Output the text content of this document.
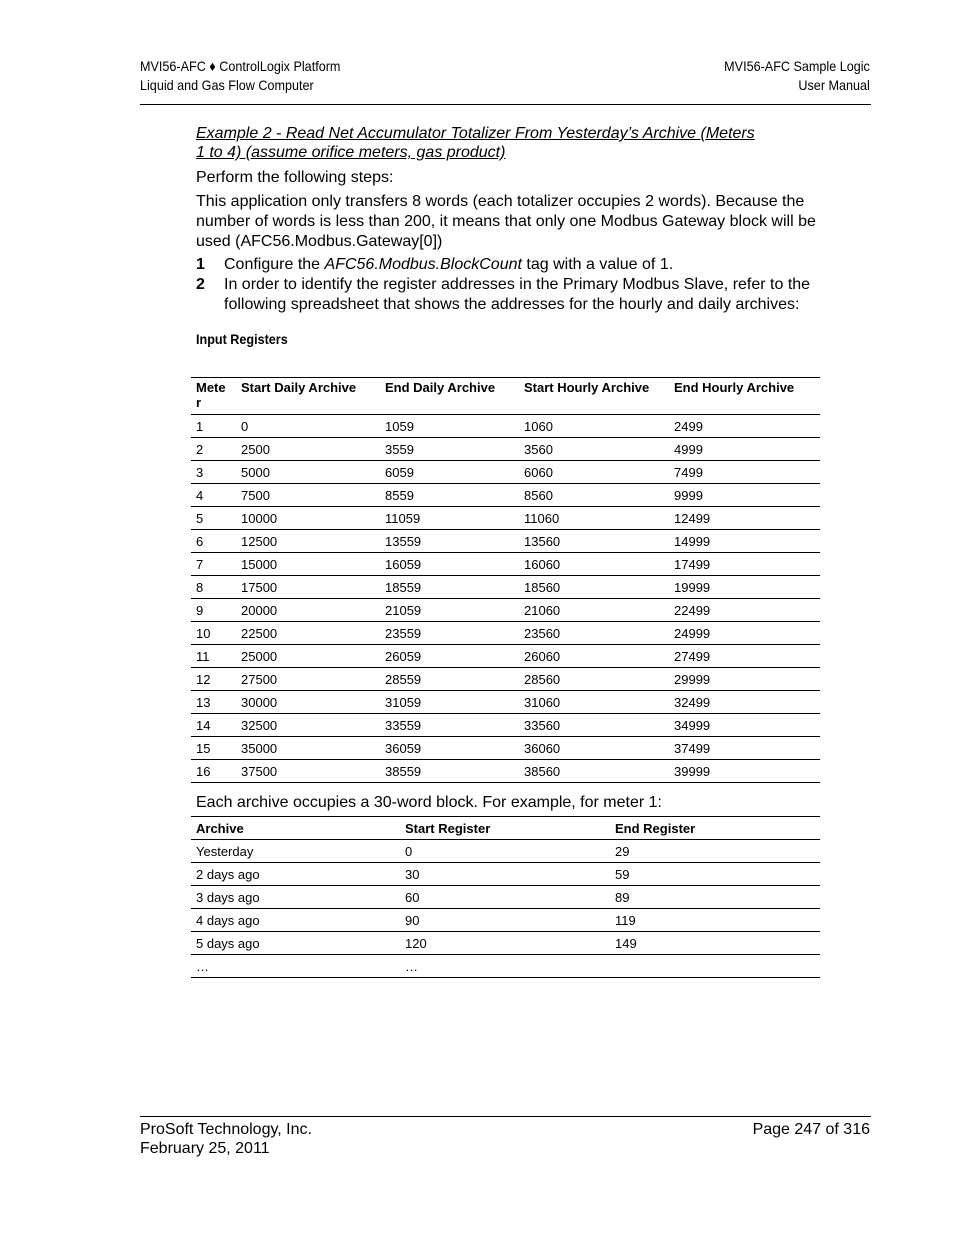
MVI56-AFC ♦ ControlLogix Platform
Liquid and Gas Flow Computer
MVI56-AFC Sample Logic
User Manual

Example 2 - Read Net Accumulator Totalizer From Yesterday’s Archive (Meters
1 to 4) (assume orifice meters, gas product)

Perform the following steps:

This application only transfers 8 words (each totalizer occupies 2 words). Because the number of words is less than 200, it means that only one Modbus Gateway block will be used (AFC56.Modbus.Gateway[0])

1	Configure the AFC56.Modbus.BlockCount tag with a value of 1.
2	In order to identify the register addresses in the Primary Modbus Slave, refer to the following spreadsheet that shows the addresses for the hourly and daily archives:
Input Registers
Mete r	Start Daily Archive	End Daily Archive	Start Hourly Archive	End Hourly Archive
1	0	1059	1060	2499
2	2500	3559	3560	4999
3	5000	6059	6060	7499
4	7500	8559	8560	9999
5	10000	11059	11060	12499
6	12500	13559	13560	14999
7	15000	16059	16060	17499
8	17500	18559	18560	19999
9	20000	21059	21060	22499
10	22500	23559	23560	24999
11	25000	26059	26060	27499
12	27500	28559	28560	29999
13	30000	31059	31060	32499
14	32500	33559	33560	34999
15	35000	36059	36060	37499
16	37500	38559	38560	39999
Each archive occupies a 30-word block. For example, for meter 1:
Archive	Start Register	End Register
Yesterday	0	29
2 days ago	30	59
3 days ago	60	89
4 days ago	90	119
5 days ago	120	149
…	…	
ProSoft Technology, Inc.
February 25, 2011
Page 247 of 316
